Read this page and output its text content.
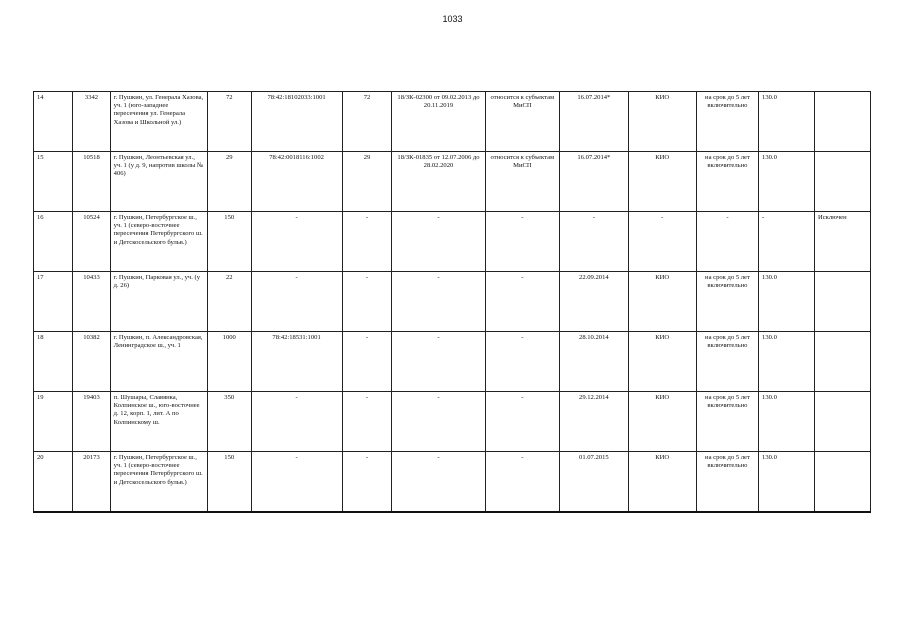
1033
14	3342	г. Пушкин, ул. Генерала Хазова, уч. 1 (юго-западнее пересечения ул. Генерала Хазова и Школьной ул.)	72	78:42:18102033:1001	72	18/ЗК-02300 от 09.02.2013 до 20.11.2019	относится к субъектам МиСП	16.07.2014*	КИО	на срок до 5 лет включительно	130.0	
15	10518	г. Пушкин, Леонтьевская ул., уч. 1 (у д. 9, напротив школы № 406)	29	78:42:0018116:1002	29	18/ЗК-01835 от 12.07.2006 до 28.02.2020	относится к субъектам МиСП	16.07.2014*	КИО	на срок до 5 лет включительно	130.0	
16	10524	г. Пушкин, Петербургское ш., уч. 1 (северо-восточнее пересечения Петербургского ш. и Детскосельского бульв.)	150	-	-	-	-	-	-	-	-	Исключен
17	10433	г. Пушкин, Парковая ул., уч. (у д. 26)	22	-	-	-	-	22.09.2014	КИО	на срок до 5 лет включительно	130.0	
18	10382	г. Пушкин, п. Александровская, Ленинградское ш., уч. 1	1000	78:42:18531:1001	-	-	-	28.10.2014	КИО	на срок до 5 лет включительно	130.0	
19	19403	п. Шушары, Славянка, Колпинское ш., юго-восточнее д. 12, корп. 1, лит. А по Колпинскому ш.	350	-	-	-	-	29.12.2014	КИО	на срок до 5 лет включительно	130.0	
20	20173	г. Пушкин, Петербургское ш., уч. 1 (северо-восточнее пересечения Петербургского ш. и Детскосельского бульв.)	150	-	-	-	-	01.07.2015	КИО	на срок до 5 лет включительно	130.0	
